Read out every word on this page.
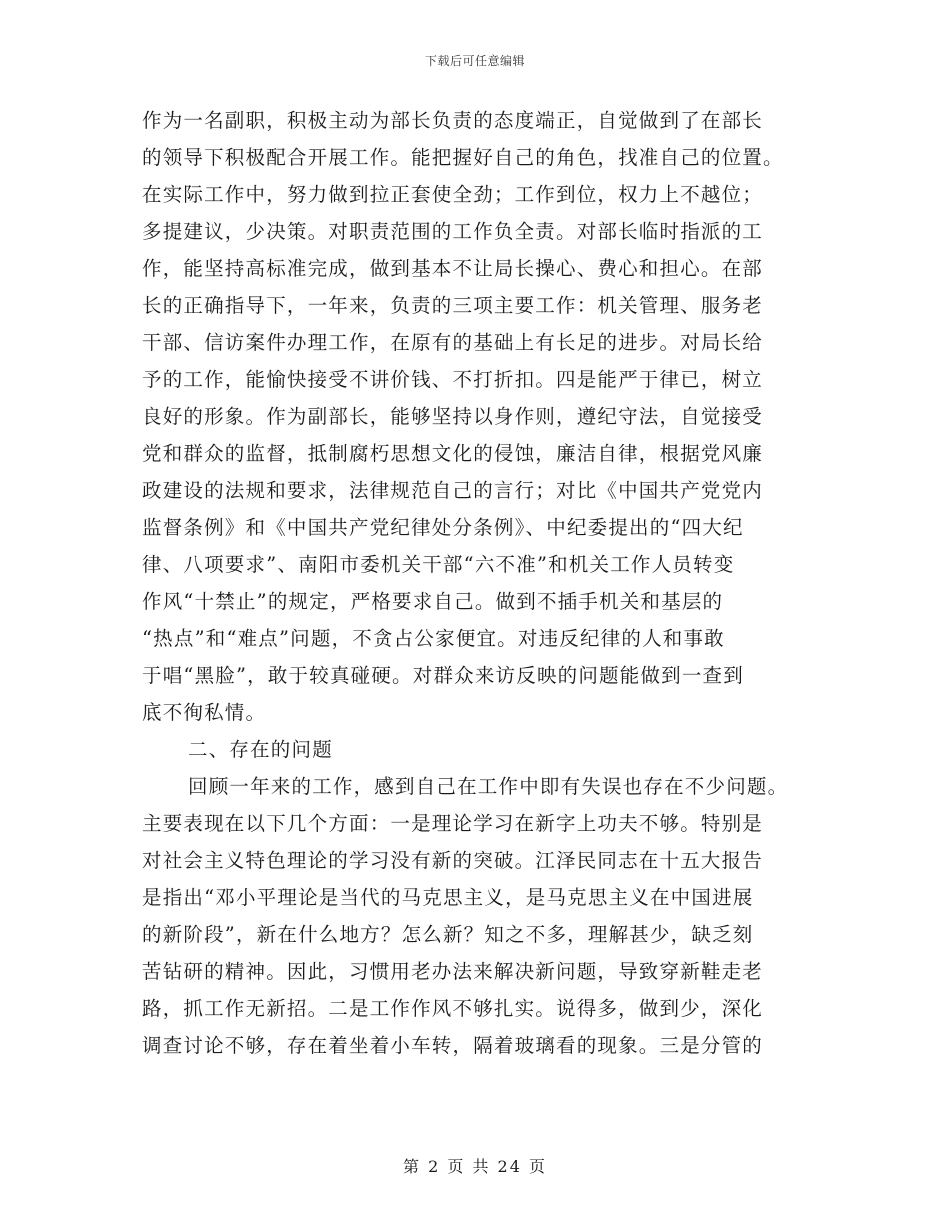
下载后可任意编辑
作为一名副职，积极主动为部长负责的态度端正，自觉做到了在部长
的领导下积极配合开展工作。能把握好自己的角色，找准自己的位置。
在实际工作中，努力做到拉正套使全劲；工作到位，权力上不越位；
多提建议，少决策。对职责范围的工作负全责。对部长临时指派的工
作，能坚持高标准完成，做到基本不让局长操心、费心和担心。在部
长的正确指导下，一年来，负责的三项主要工作：机关管理、服务老
干部、信访案件办理工作，在原有的基础上有长足的进步。对局长给
予的工作，能愉快接受不讲价钱、不打折扣。四是能严于律已，树立
良好的形象。作为副部长，能够坚持以身作则，遵纪守法，自觉接受
党和群众的监督，抵制腐朽思想文化的侵蚀，廉洁自律，根据党风廉
政建设的法规和要求，法律规范自己的言行；对比《中国共产党党内
监督条例》和《中国共产党纪律处分条例》、中纪委提出的“四大纪
律、八项要求”、南阳市委机关干部“六不准”和机关工作人员转变
作风“十禁止”的规定，严格要求自己。做到不插手机关和基层的
“热点”和“难点”问题，不贪占公家便宜。对违反纪律的人和事敢
于唱“黑脸”，敢于较真碰硬。对群众来访反映的问题能做到一查到
底不徇私情。
二、存在的问题
回顾一年来的工作，感到自己在工作中即有失误也存在不少问题。
主要表现在以下几个方面：一是理论学习在新字上功夫不够。特别是
对社会主义特色理论的学习没有新的突破。江泽民同志在十五大报告
是指出“邓小平理论是当代的马克思主义，是马克思主义在中国进展
的新阶段”，新在什么地方？怎么新？知之不多，理解甚少，缺乏刻
苦钻研的精神。因此，习惯用老办法来解决新问题，导致穿新鞋走老
路，抓工作无新招。二是工作作风不够扎实。说得多，做到少，深化
调查讨论不够，存在着坐着小车转，隔着玻璃看的现象。三是分管的
第 2 页 共 24 页
